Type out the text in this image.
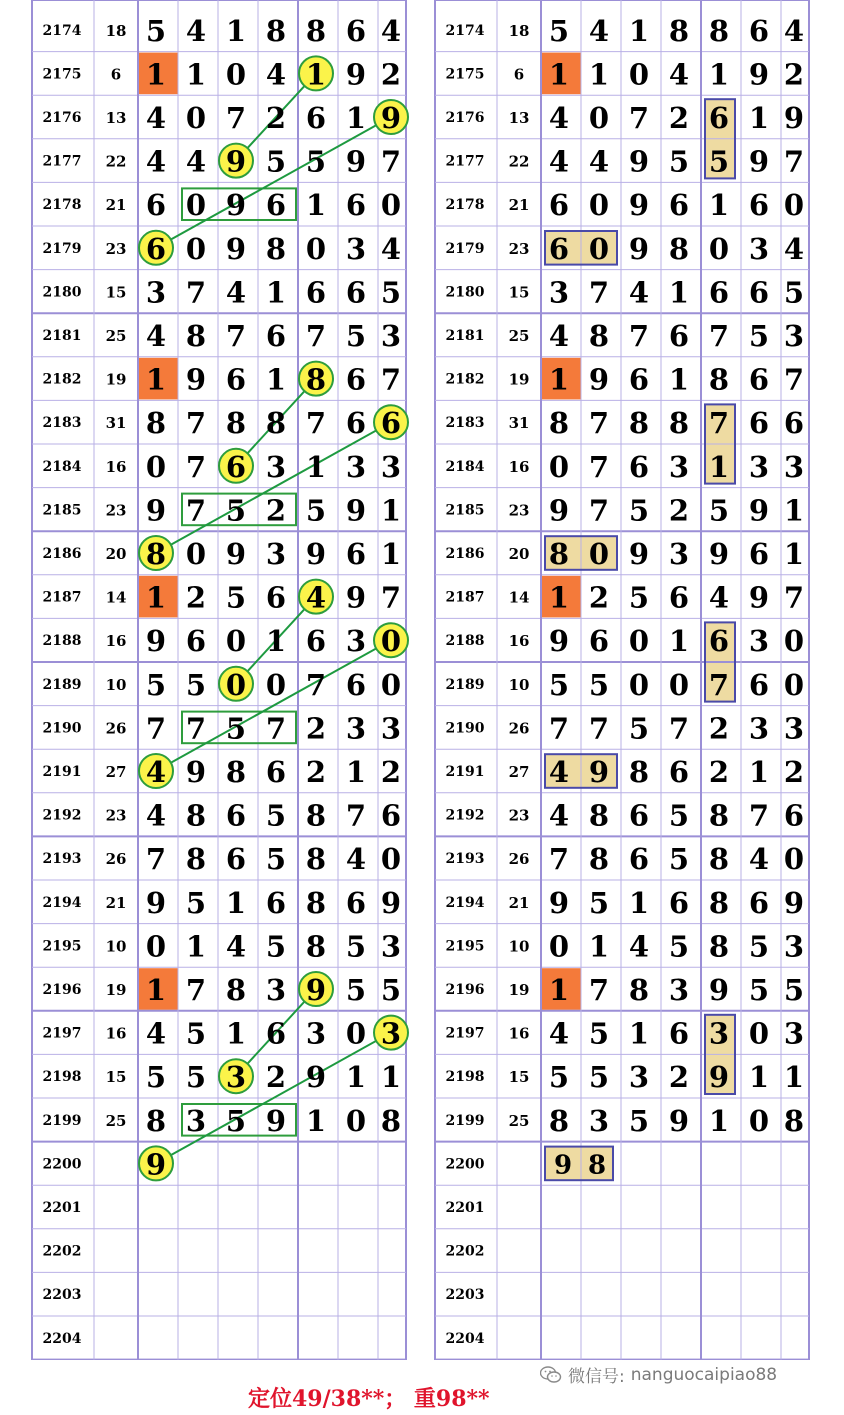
2174 18 5 4 1 8 8 6 4
2175 6 1 1 0 4 1 9 2
2176 13 4 0 7 2 6 1 9
2177 22 4 4 9 5 5 9 7
2178 21 6 0 9 6 1 6 0
2179 23 6 0 9 8 0 3 4
2180 15 3 7 4 1 6 6 5
2181 25 4 8 7 6 7 5 3
2182 19 1 9 6 1 8 6 7
2183 31 8 7 8 8 7 6 6
2184 16 0 7 6 3 1 3 3
2185 23 9 7 5 2 5 9 1
2186 20 8 0 9 3 9 6 1
2187 14 1 2 5 6 4 9 7
2188 16 9 6 0 1 6 3 0
2189 10 5 5 0 0 7 6 0
2190 26 7 7 5 7 2 3 3
2191 27 4 9 8 6 2 1 2
2192 23 4 8 6 5 8 7 6
2193 26 7 8 6 5 8 4 0
2194 21 9 5 1 6 8 6 9
2195 10 0 1 4 5 8 5 3
2196 19 1 7 8 3 9 5 5
2197 16 4 5 1 6 3 0 3
2198 15 5 5 3 2 9 1 1
2199 25 8 3 5 9 1 0 8
2200
2201
2202
2203
2204
9
2174 18 5 4 1 8 8 6 4
2175 6 1 1 0 4 1 9 2
2176 13 4 0 7 2 6 1 9
2177 22 4 4 9 5 5 9 7
2178 21 6 0 9 6 1 6 0
2179 23 6 0 9 8 0 3 4
2180 15 3 7 4 1 6 6 5
2181 25 4 8 7 6 7 5 3
2182 19 1 9 6 1 8 6 7
2183 31 8 7 8 8 7 6 6
2184 16 0 7 6 3 1 3 3
2185 23 9 7 5 2 5 9 1
2186 20 8 0 9 3 9 6 1
2187 14 1 2 5 6 4 9 7
2188 16 9 6 0 1 6 3 0
2189 10 5 5 0 0 7 6 0
2190 26 7 7 5 7 2 3 3
2191 27 4 9 8 6 2 1 2
2192 23 4 8 6 5 8 7 6
2193 26 7 8 6 5 8 4 0
2194 21 9 5 1 6 8 6 9
2195 10 0 1 4 5 8 5 3
2196 19 1 7 8 3 9 5 5
2197 16 4 5 1 6 3 0 3
2198 15 5 5 3 2 9 1 1
2199 25 8 3 5 9 1 0 8
2200
2201
2202
2203
2204
9 8
微信号: nanguocaipiao88
定位49/38**； 重98**
